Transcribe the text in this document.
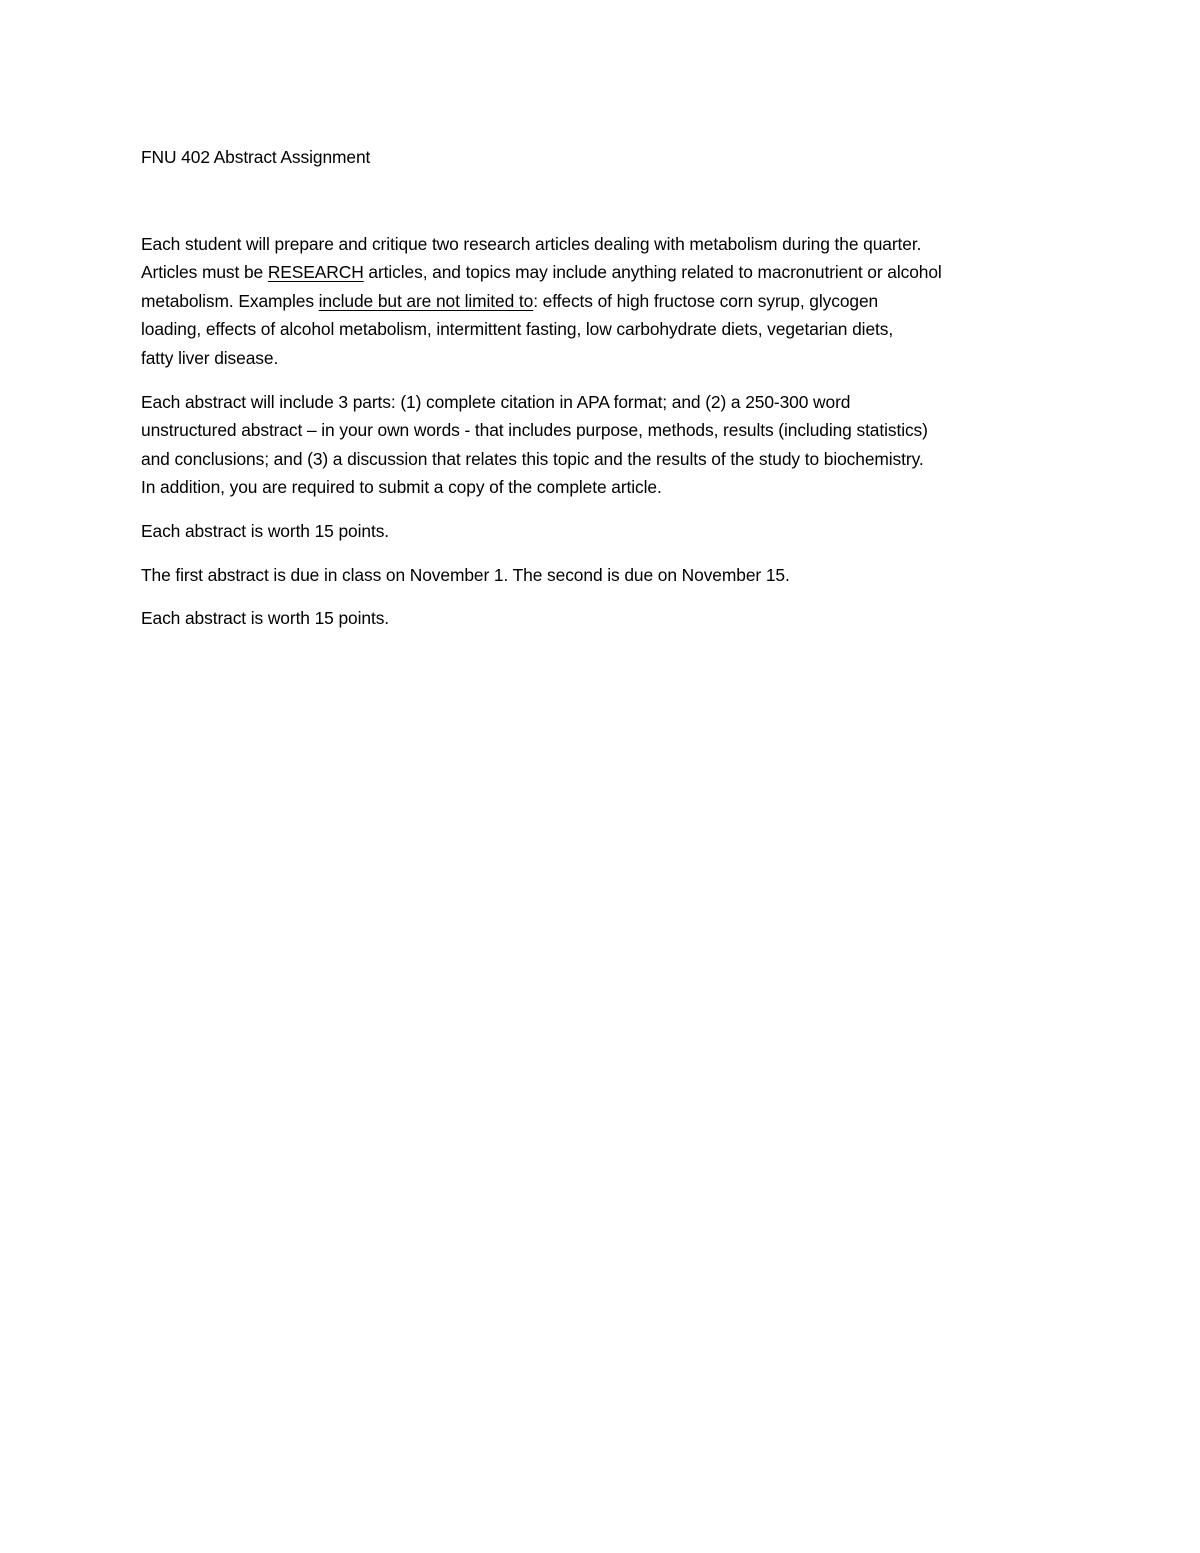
FNU 402 Abstract Assignment
Each student will prepare and critique two research articles dealing with metabolism during the quarter.
Articles must be RESEARCH articles, and topics may include anything related to macronutrient or alcohol
metabolism. Examples include but are not limited to: effects of high fructose corn syrup, glycogen
loading, effects of alcohol metabolism, intermittent fasting, low carbohydrate diets, vegetarian diets,
fatty liver disease.
Each abstract will include 3 parts: (1) complete citation in APA format; and (2) a 250-300 word
unstructured abstract – in your own words - that includes purpose, methods, results (including statistics)
and conclusions; and (3) a discussion that relates this topic and the results of the study to biochemistry.
In addition, you are required to submit a copy of the complete article.
Each abstract is worth 15 points.
The first abstract is due in class on November 1. The second is due on November 15.
Each abstract is worth 15 points.
